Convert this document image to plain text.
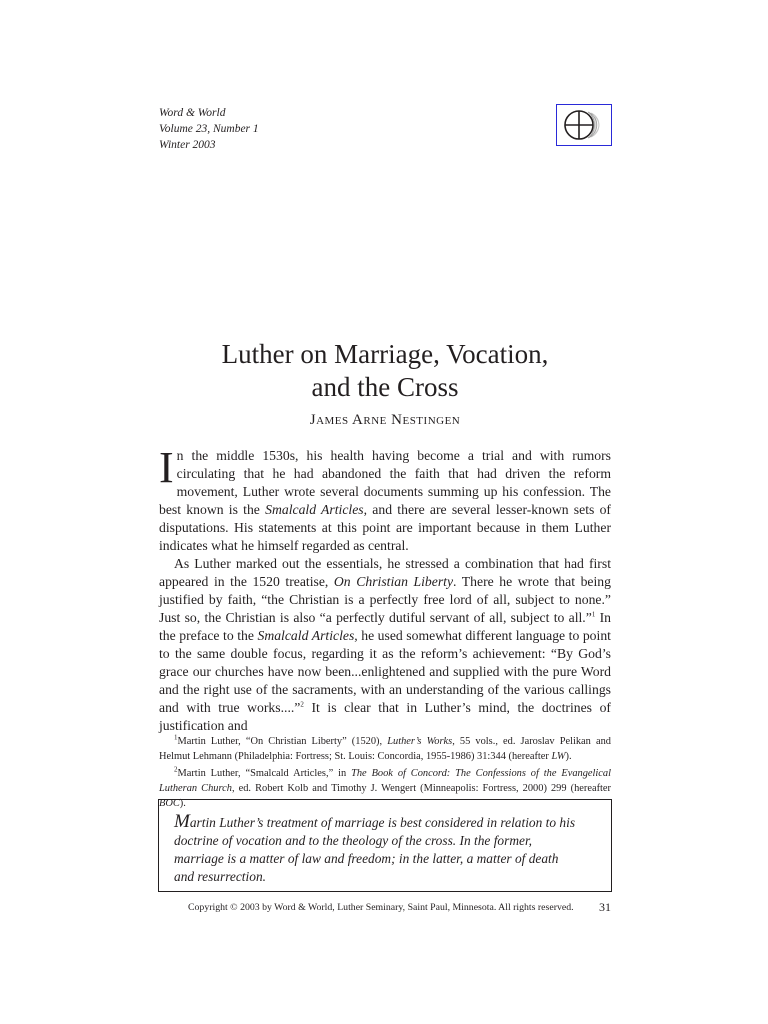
Word & World
Volume 23, Number 1
Winter 2003
Luther on Marriage, Vocation,
and the Cross
James Arne Nestingen

In the middle 1530s, his health having become a trial and with rumors circulating that he had abandoned the faith that had driven the reform movement, Luther wrote several documents summing up his confession. The best known is the Smalcald Articles, and there are several lesser-known sets of disputations. His statements at this point are important because in them Luther indicates what he himself regarded as central.

As Luther marked out the essentials, he stressed a combination that had first appeared in the 1520 treatise, On Christian Liberty. There he wrote that being justified by faith, “the Christian is a perfectly free lord of all, subject to none.” Just so, the Christian is also “a perfectly dutiful servant of all, subject to all.”$^1$ In the preface to the Smalcald Articles, he used somewhat different language to point to the same double focus, regarding it as the reform’s achievement: “By God’s grace our churches have now been...enlightened and supplied with the pure Word and the right use of the sacraments, with an understanding of the various callings and with true works....”$^2$ It is clear that in Luther’s mind, the doctrines of justification and

$^1$Martin Luther, “On Christian Liberty” (1520), Luther’s Works, 55 vols., ed. Jaroslav Pelikan and Helmut Lehmann (Philadelphia: Fortress; St. Louis: Concordia, 1955-1986) 31:344 (hereafter LW).

$^2$Martin Luther, “Smalcald Articles,” in The Book of Concord: The Confessions of the Evangelical Lutheran Church, ed. Robert Kolb and Timothy J. Wengert (Minneapolis: Fortress, 2000) 299 (hereafter BOC).

Martin Luther’s treatment of marriage is best considered in relation to his doctrine of vocation and to the theology of the cross. In the former, marriage is a matter of law and freedom; in the latter, a matter of death and resurrection.
Copyright © 2003 by Word & World, Luther Seminary, Saint Paul, Minnesota. All rights reserved. 31
